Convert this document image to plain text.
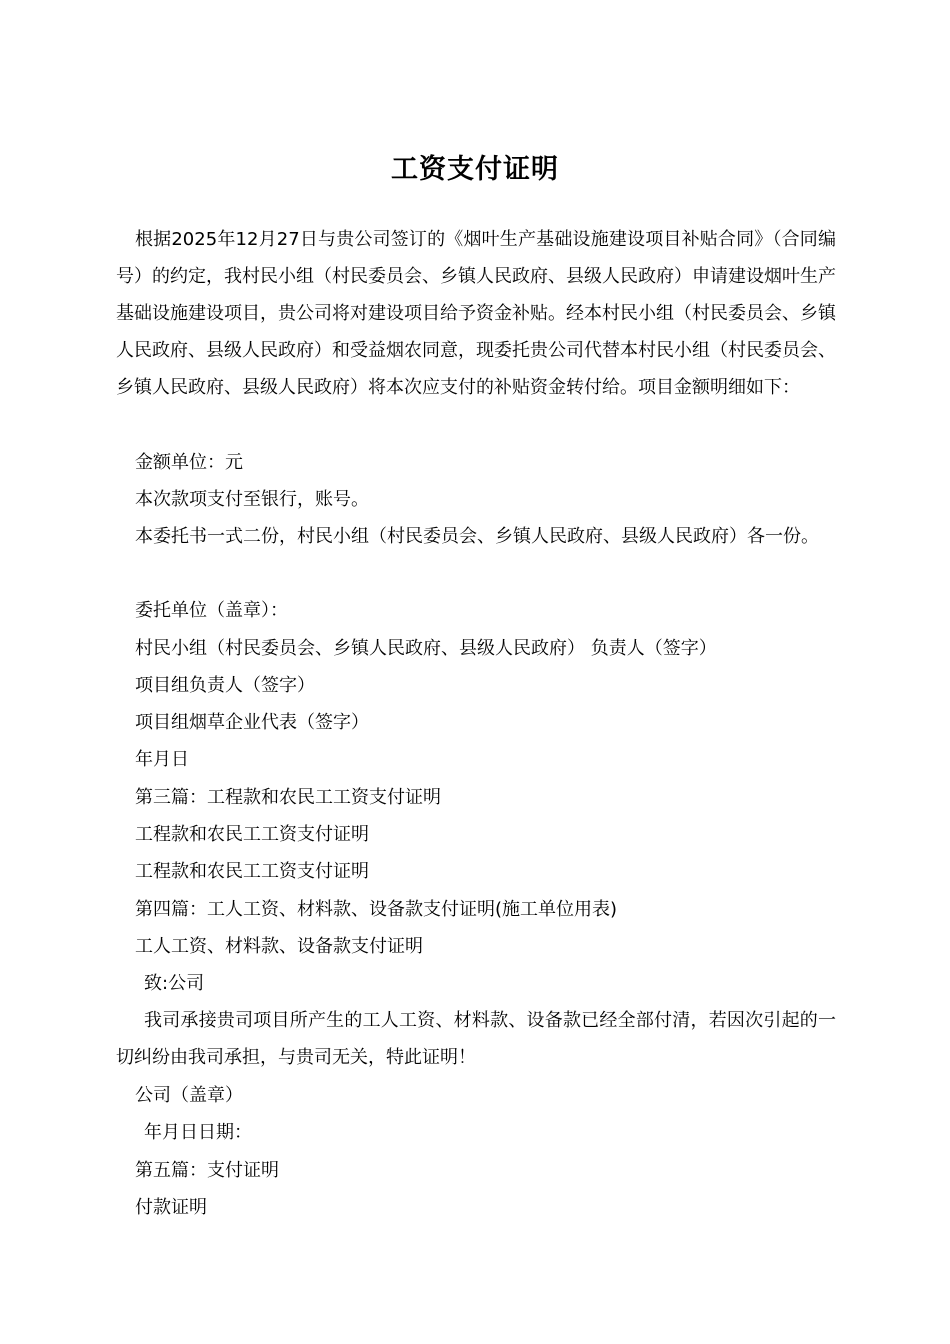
工资支付证明

根据2025年12月27日与贵公司签订的《烟叶生产基础设施建设项目补贴合同》（合同编号）的约定，我村民小组（村民委员会、乡镇人民政府、县级人民政府）申请建设烟叶生产基础设施建设项目，贵公司将对建设项目给予资金补贴。经本村民小组（村民委员会、乡镇人民政府、县级人民政府）和受益烟农同意，现委托贵公司代替本村民小组（村民委员会、乡镇人民政府、县级人民政府）将本次应支付的补贴资金转付给。项目金额明细如下：

金额单位：元

本次款项支付至银行，账号。

本委托书一式二份，村民小组（村民委员会、乡镇人民政府、县级人民政府）各一份。

委托单位（盖章）：

村民小组（村民委员会、乡镇人民政府、县级人民政府） 负责人（签字）

项目组负责人（签字）

项目组烟草企业代表（签字）

年月日

第三篇：工程款和农民工工资支付证明

工程款和农民工工资支付证明

工程款和农民工工资支付证明

第四篇：工人工资、材料款、设备款支付证明(施工单位用表)

工人工资、材料款、设备款支付证明

致:公司

我司承接贵司项目所产生的工人工资、材料款、设备款已经全部付清，若因次引起的一切纠纷由我司承担，与贵司无关，特此证明！

公司（盖章）

年月日日期：

第五篇：支付证明

付款证明
